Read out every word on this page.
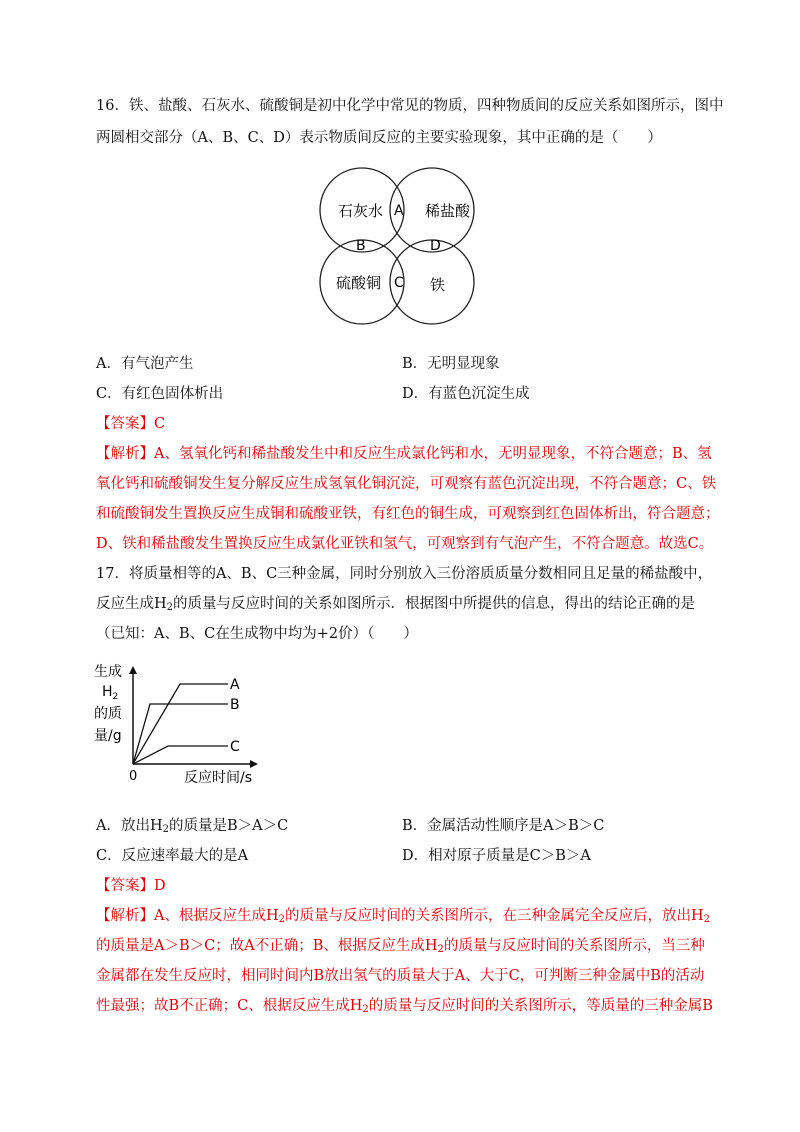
16．铁、盐酸、石灰水、硫酸铜是初中化学中常见的物质，四种物质间的反应关系如图所示，图中
两圆相交部分（A、B、C、D）表示物质间反应的主要实验现象，其中正确的是（　　）
石灰水	稀盐酸
硫酸铜	铁
A
B
C
D
A．有气泡产生	B．无明显现象
C．有红色固体析出	D．有蓝色沉淀生成
【答案】C
【解析】A、氢氧化钙和稀盐酸发生中和反应生成氯化钙和水，无明显现象，不符合题意；B、氢
氧化钙和硫酸铜发生复分解反应生成氢氧化铜沉淀，可观察有蓝色沉淀出现，不符合题意；C、铁
和硫酸铜发生置换反应生成铜和硫酸亚铁，有红色的铜生成，可观察到红色固体析出，符合题意；
D、铁和稀盐酸发生置换反应生成氯化亚铁和氢气，可观察到有气泡产生，不符合题意。故选C。
17．将质量相等的A、B、C三种金属，同时分别放入三份溶质质量分数相同且足量的稀盐酸中，
反应生成$H_2$的质量与反应时间的关系如图所示．根据图中所提供的信息，得出的结论正确的是
（已知：A、B、C在生成物中均为+2价）（　　）
生成
$H_2$
的质
量/g
A
B
C
0	反应时间/s
A．放出$H_2$的质量是B＞A＞C	B．金属活动性顺序是A＞B＞C
C．反应速率最大的是A	D．相对原子质量是C＞B＞A
【答案】D
【解析】A、根据反应生成$H_2$的质量与反应时间的关系图所示，在三种金属完全反应后，放出$H_2$
的质量是A＞B＞C；故A不正确；B、根据反应生成$H_2$的质量与反应时间的关系图所示，当三种
金属都在发生反应时，相同时间内B放出氢气的质量大于A、大于C，可判断三种金属中B的活动
性最强；故B不正确；C、根据反应生成$H_2$的质量与反应时间的关系图所示，等质量的三种金属B
